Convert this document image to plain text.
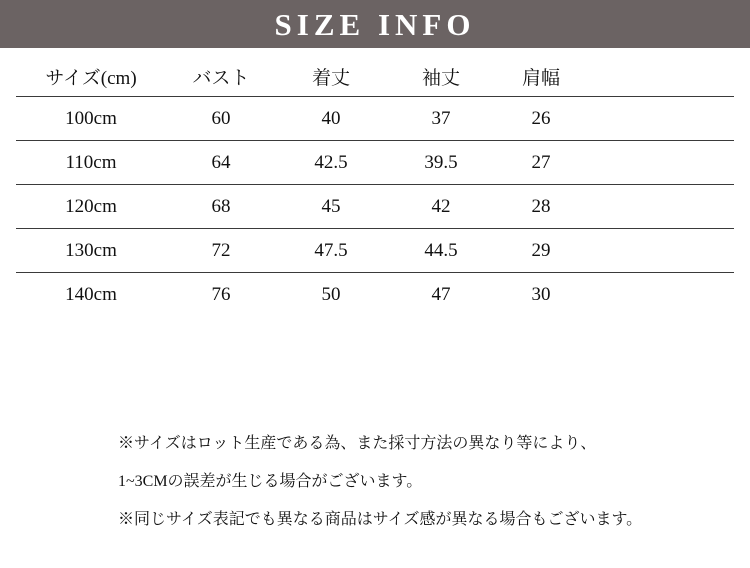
SIZE INFO
サイズ(cm)	バスト	着丈	袖丈	肩幅	
100cm	60	40	37	26	
110cm	64	42.5	39.5	27	
120cm	68	45	42	28	
130cm	72	47.5	44.5	29	
140cm	76	50	47	30	
※サイズはロット生産である為、また採寸方法の異なり等により、
1~3CMの誤差が生じる場合がございます。
※同じサイズ表記でも異なる商品はサイズ感が異なる場合もございます。
